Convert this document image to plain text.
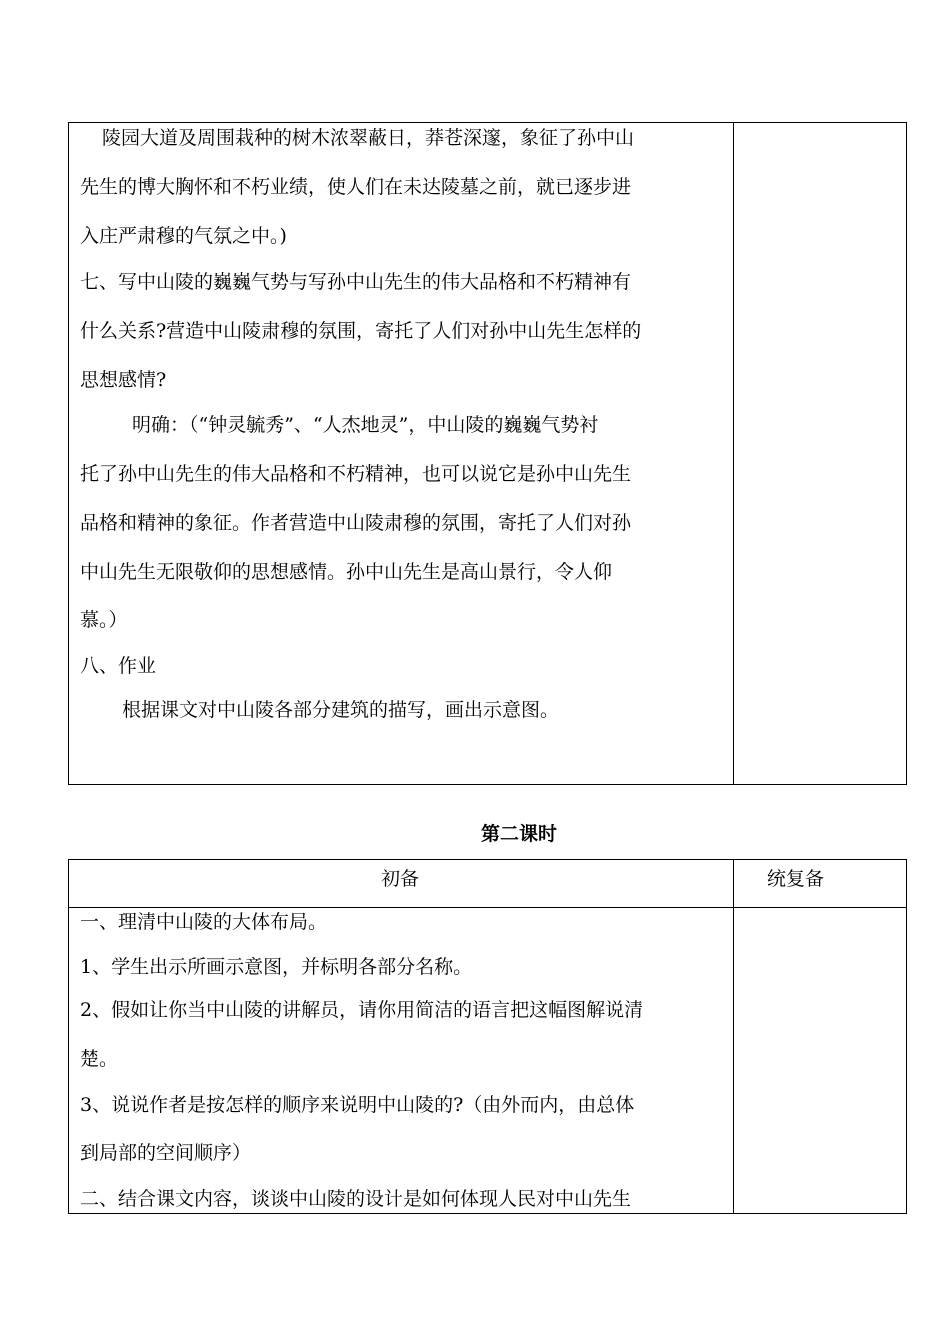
陵园大道及周围栽种的树木浓翠蔽日，莽苍深邃，象征了孙中山
先生的博大胸怀和不朽业绩，使人们在未达陵墓之前，就已逐步进
入庄严肃穆的气氛之中。)
七、写中山陵的巍巍气势与写孙中山先生的伟大品格和不朽精神有
什么关系?营造中山陵肃穆的氛围，寄托了人们对孙中山先生怎样的
思想感情?
明确：（“钟灵毓秀”、“人杰地灵”，中山陵的巍巍气势衬
托了孙中山先生的伟大品格和不朽精神，也可以说它是孙中山先生
品格和精神的象征。作者营造中山陵肃穆的氛围，寄托了人们对孙
中山先生无限敬仰的思想感情。孙中山先生是高山景行，令人仰
慕。）
八、作业
根据课文对中山陵各部分建筑的描写，画出示意图。
第二课时
初备	统复备
一、理清中山陵的大体布局。
1、学生出示所画示意图，并标明各部分名称。
2、假如让你当中山陵的讲解员，请你用简洁的语言把这幅图解说清
楚。
3、说说作者是按怎样的顺序来说明中山陵的?（由外而内，由总体
到局部的空间顺序）
二、结合课文内容，谈谈中山陵的设计是如何体现人民对中山先生
